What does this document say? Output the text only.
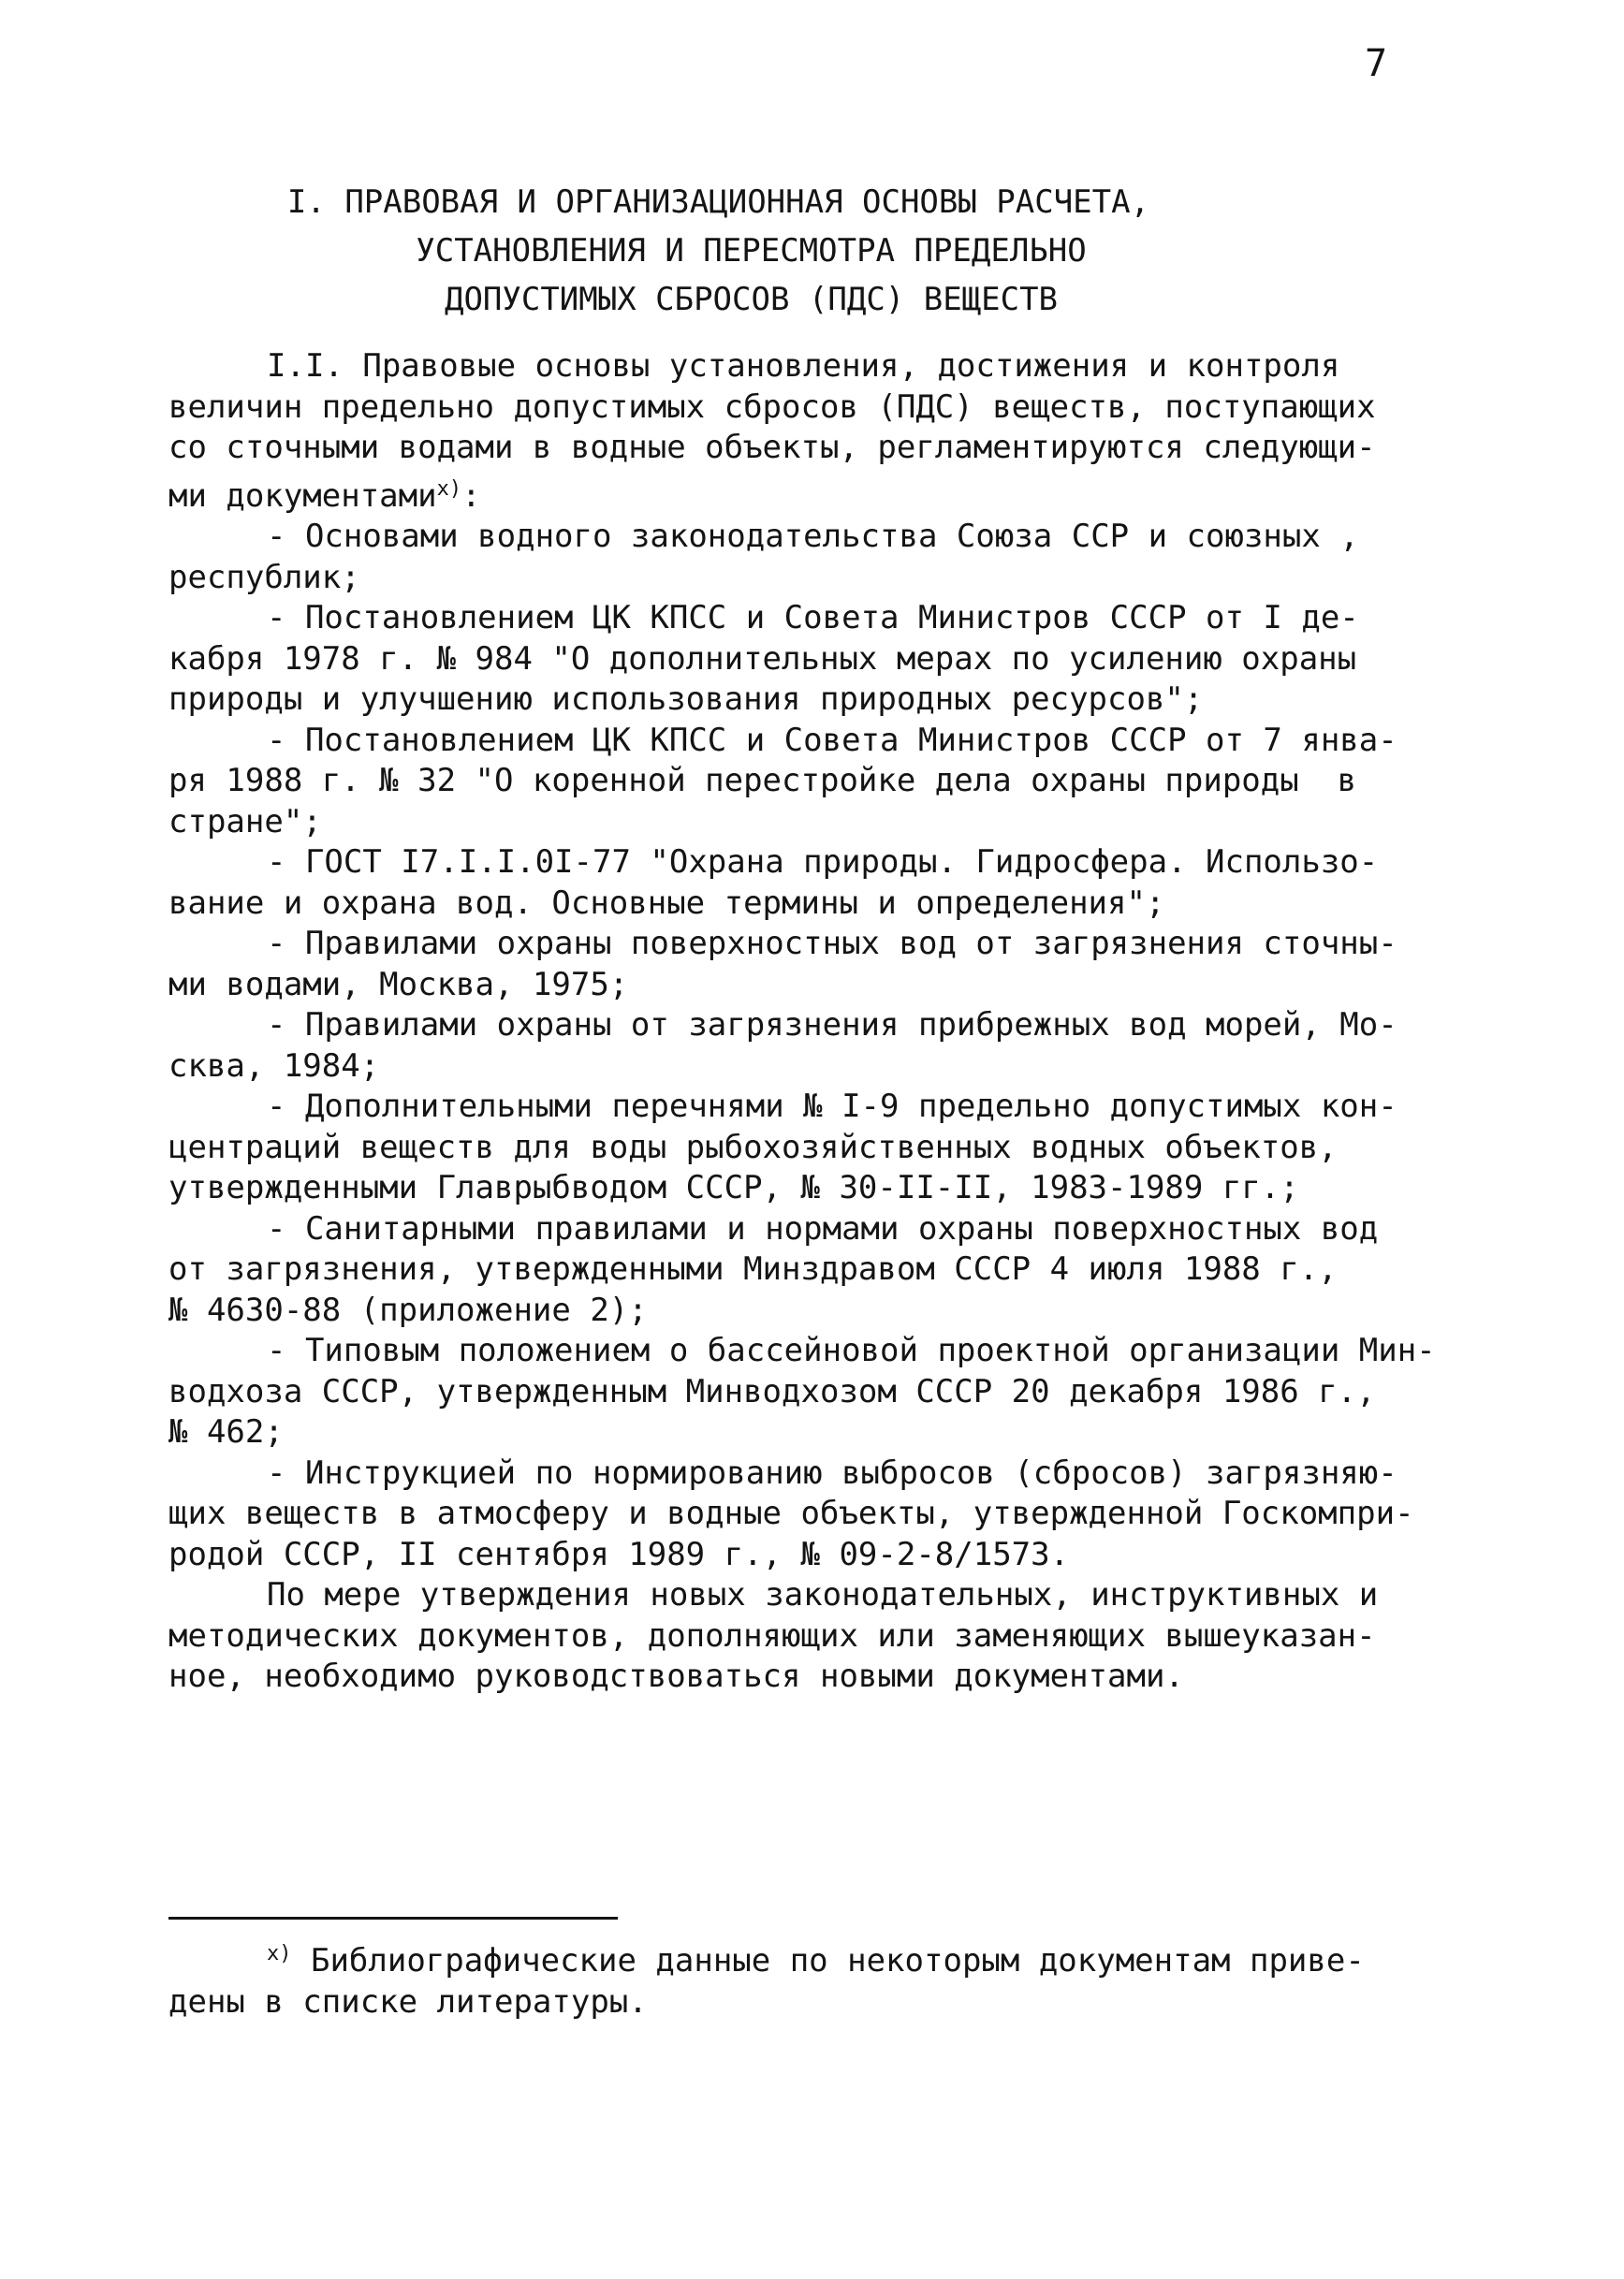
7
I. ПРАВОВАЯ И ОРГАНИЗАЦИОННАЯ ОСНОВЫ РАСЧЕТА,
УСТАНОВЛЕНИЯ И ПЕРЕСМОТРА ПРЕДЕЛЬНО
ДОПУСТИМЫХ СБРОСОВ (ПДС) ВЕЩЕСТВ

I.I. Правовые основы установления, достижения и контроля
величин предельно допустимых сбросов (ПДС) веществ, поступающих
со сточными водами в водные объекты, регламентируются следующи-
ми документами$^{x)}$:

- Основами водного законодательства Союза ССР и союзных ,
республик;

- Постановлением ЦК КПСС и Совета Министров СССР от I де-
кабря 1978 г. № 984 "О дополнительных мерах по усилению охраны
природы и улучшению использования природных ресурсов";

- Постановлением ЦК КПСС и Совета Министров СССР от 7 янва-
ря 1988 г. № 32 "О коренной перестройке дела охраны природы  в
стране";

- ГОСТ I7.I.I.0I-77 "Охрана природы. Гидросфера. Использо-
вание и охрана вод. Основные термины и определения";

- Правилами охраны поверхностных вод от загрязнения сточны-
ми водами, Москва, 1975;

- Правилами охраны от загрязнения прибрежных вод морей, Мо-
сква, 1984;

- Дополнительными перечнями № I-9 предельно допустимых кон-
центраций веществ для воды рыбохозяйственных водных объектов,
утвержденными Главрыбводом СССР, № 30-II-II, 1983-1989 гг.;

- Санитарными правилами и нормами охраны поверхностных вод
от загрязнения, утвержденными Минздравом СССР 4 июля 1988 г.,
№ 4630-88 (приложение 2);

- Типовым положением о бассейновой проектной организации Мин-
водхоза СССР, утвержденным Минводхозом СССР 20 декабря 1986 г.,
№ 462;

- Инструкцией по нормированию выбросов (сбросов) загрязняю-
щих веществ в атмосферу и водные объекты, утвержденной Госкомпри-
родой СССР, II сентября 1989 г., № 09-2-8/1573.

По мере утверждения новых законодательных, инструктивных и
методических документов, дополняющих или заменяющих вышеуказан-
ное, необходимо руководствоваться новыми документами.

$^{x)}$ Библиографические данные по некоторым документам приве-
дены в списке литературы.
